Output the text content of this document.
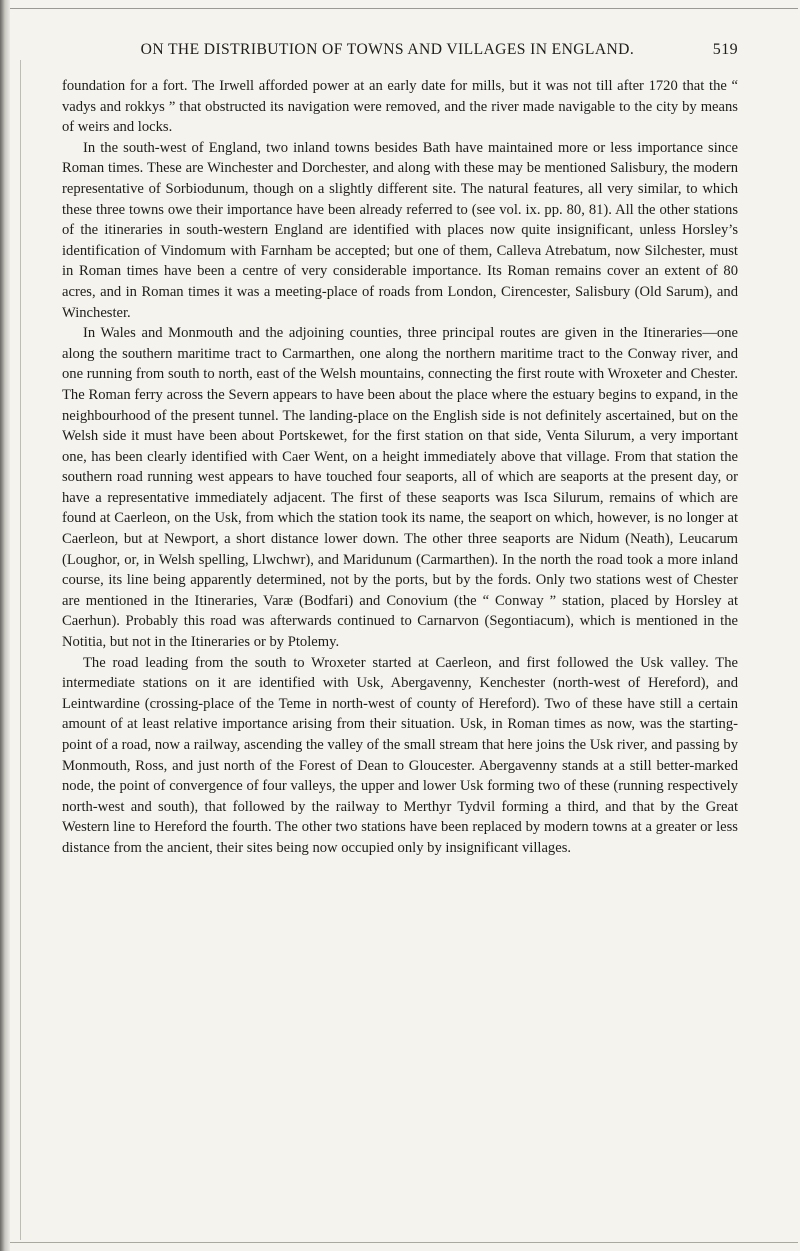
ON THE DISTRIBUTION OF TOWNS AND VILLAGES IN ENGLAND.	519

foundation for a fort. The Irwell afforded power at an early date for mills, but it was not till after 1720 that the “ vadys and rokkys ” that obstructed its navigation were removed, and the river made navigable to the city by means of weirs and locks.

In the south-west of England, two inland towns besides Bath have maintained more or less importance since Roman times. These are Winchester and Dorchester, and along with these may be mentioned Salisbury, the modern representative of Sorbiodunum, though on a slightly different site. The natural features, all very similar, to which these three towns owe their importance have been already referred to (see vol. ix. pp. 80, 81). All the other stations of the itineraries in south-western England are identified with places now quite insignificant, unless Horsley’s identification of Vindomum with Farnham be accepted; but one of them, Calleva Atrebatum, now Silchester, must in Roman times have been a centre of very considerable importance. Its Roman remains cover an extent of 80 acres, and in Roman times it was a meeting-place of roads from London, Cirencester, Salisbury (Old Sarum), and Winchester.

In Wales and Monmouth and the adjoining counties, three principal routes are given in the Itineraries—one along the southern maritime tract to Carmarthen, one along the northern maritime tract to the Conway river, and one running from south to north, east of the Welsh mountains, connecting the first route with Wroxeter and Chester. The Roman ferry across the Severn appears to have been about the place where the estuary begins to expand, in the neighbourhood of the present tunnel. The landing-place on the English side is not definitely ascertained, but on the Welsh side it must have been about Portskewet, for the first station on that side, Venta Silurum, a very important one, has been clearly identified with Caer Went, on a height immediately above that village. From that station the southern road running west appears to have touched four seaports, all of which are seaports at the present day, or have a representative immediately adjacent. The first of these seaports was Isca Silurum, remains of which are found at Caerleon, on the Usk, from which the station took its name, the seaport on which, however, is no longer at Caerleon, but at Newport, a short distance lower down. The other three seaports are Nidum (Neath), Leucarum (Loughor, or, in Welsh spelling, Llwchwr), and Maridunum (Carmarthen). In the north the road took a more inland course, its line being apparently determined, not by the ports, but by the fords. Only two stations west of Chester are mentioned in the Itineraries, Varæ (Bodfari) and Conovium (the “ Conway ” station, placed by Horsley at Caerhun). Probably this road was afterwards continued to Carnarvon (Segontiacum), which is mentioned in the Notitia, but not in the Itineraries or by Ptolemy.

The road leading from the south to Wroxeter started at Caerleon, and first followed the Usk valley. The intermediate stations on it are identified with Usk, Abergavenny, Kenchester (north-west of Hereford), and Leintwardine (crossing-place of the Teme in north-west of county of Hereford). Two of these have still a certain amount of at least relative importance arising from their situation. Usk, in Roman times as now, was the starting-point of a road, now a railway, ascending the valley of the small stream that here joins the Usk river, and passing by Monmouth, Ross, and just north of the Forest of Dean to Gloucester. Abergavenny stands at a still better-marked node, the point of convergence of four valleys, the upper and lower Usk forming two of these (running respectively north-west and south), that followed by the railway to Merthyr Tydvil forming a third, and that by the Great Western line to Hereford the fourth. The other two stations have been replaced by modern towns at a greater or less distance from the ancient, their sites being now occupied only by insignificant villages.
